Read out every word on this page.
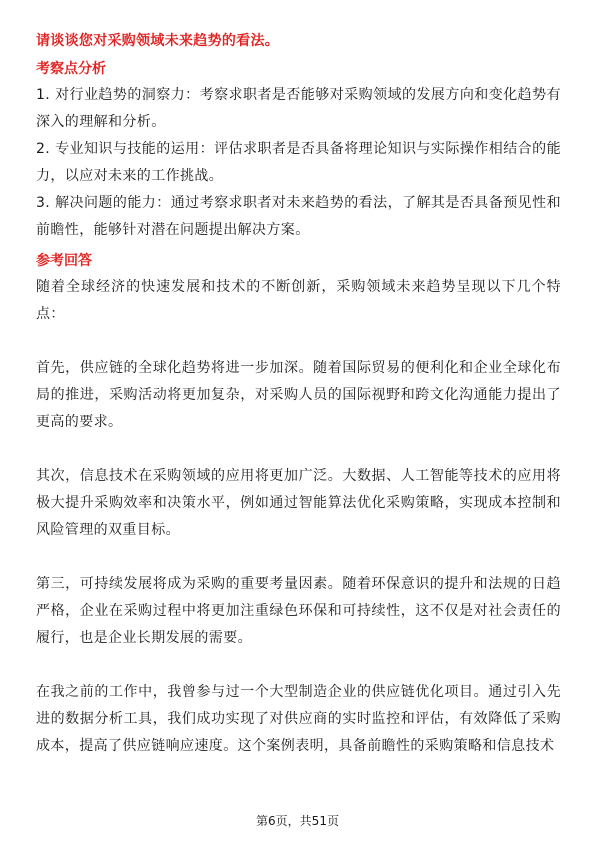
请谈谈您对采购领域未来趋势的看法。

考察点分析

1. 对行业趋势的洞察力：考察求职者是否能够对采购领域的发展方向和变化趋势有深入的理解和分析。

2. 专业知识与技能的运用：评估求职者是否具备将理论知识与实际操作相结合的能力，以应对未来的工作挑战。

3. 解决问题的能力：通过考察求职者对未来趋势的看法，了解其是否具备预见性和前瞻性，能够针对潜在问题提出解决方案。

参考回答

随着全球经济的快速发展和技术的不断创新，采购领域未来趋势呈现以下几个特点：

首先，供应链的全球化趋势将进一步加深。随着国际贸易的便利化和企业全球化布局的推进，采购活动将更加复杂，对采购人员的国际视野和跨文化沟通能力提出了更高的要求。

其次，信息技术在采购领域的应用将更加广泛。大数据、人工智能等技术的应用将极大提升采购效率和决策水平，例如通过智能算法优化采购策略，实现成本控制和风险管理的双重目标。

第三，可持续发展将成为采购的重要考量因素。随着环保意识的提升和法规的日趋严格，企业在采购过程中将更加注重绿色环保和可持续性，这不仅是对社会责任的履行，也是企业长期发展的需要。

在我之前的工作中，我曾参与过一个大型制造企业的供应链优化项目。通过引入先进的数据分析工具，我们成功实现了对供应商的实时监控和评估，有效降低了采购成本，提高了供应链响应速度。这个案例表明，具备前瞻性的采购策略和信息技术

第6页，共51页
